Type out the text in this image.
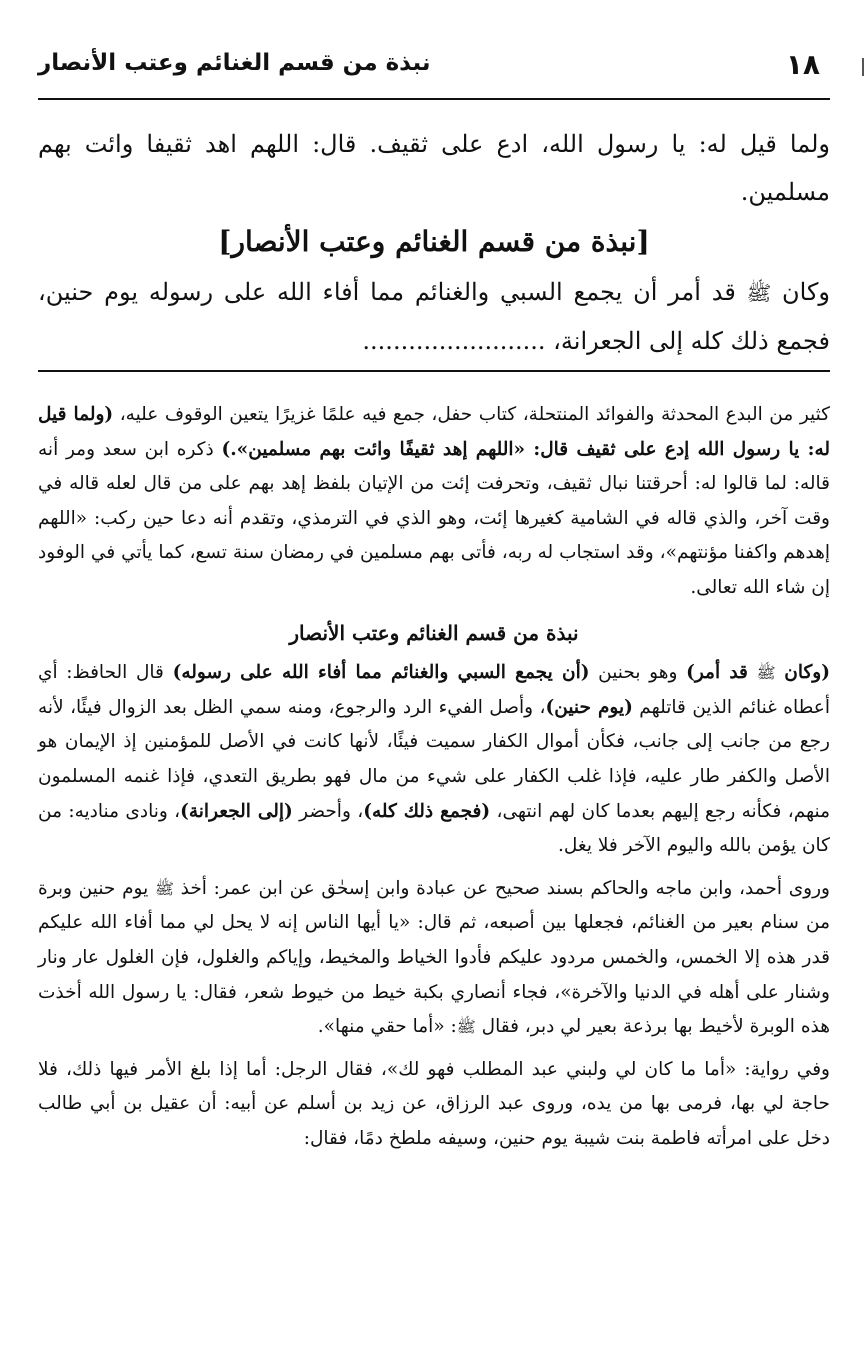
١٨
نبذة من قسم الغنائم وعتب الأنصار

ولما قيل له: يا رسول الله، ادع على ثقيف. قال: اللهم اهد ثقيفا وائت بهم مسلمين.

[نبذة من قسم الغنائم وعتب الأنصار]

وكان ﷺ قد أمر أن يجمع السبي والغنائم مما أفاء الله على رسوله يوم حنين، فجمع ذلك كله إلى الجعرانة، ........................

كثير من البدع المحدثة والفوائد المنتحلة، كتاب حفل، جمع فيه علمًا غزيرًا يتعين الوقوف عليه، (ولما قيل له: يا رسول الله إدع على ثقيف قال: «اللهم إهد ثقيفًا وائت بهم مسلمين».) ذكره ابن سعد ومر أنه قاله: لما قالوا له: أحرقتنا نبال ثقيف، وتحرفت إئت من الإتيان بلفظ إهد بهم على من قال لعله قاله في وقت آخر، والذي قاله في الشامية كغيرها إئت، وهو الذي في الترمذي، وتقدم أنه دعا حين ركب: «اللهم إهدهم واكفنا مؤنتهم»، وقد استجاب له ربه، فأتى بهم مسلمين في رمضان سنة تسع، كما يأتي في الوفود إن شاء الله تعالى.

نبذة من قسم الغنائم وعتب الأنصار

(وكان ﷺ قد أمر) وهو بحنين (أن يجمع السبي والغنائم مما أفاء الله على رسوله) قال الحافظ: أي أعطاه غنائم الذين قاتلهم (يوم حنين)، وأصل الفيء الرد والرجوع، ومنه سمي الظل بعد الزوال فيئًا، لأنه رجع من جانب إلى جانب، فكأن أموال الكفار سميت فيئًا، لأنها كانت في الأصل للمؤمنين إذ الإيمان هو الأصل والكفر طار عليه، فإذا غلب الكفار على شيء من مال فهو بطريق التعدي، فإذا غنمه المسلمون منهم، فكأنه رجع إليهم بعدما كان لهم انتهى، (فجمع ذلك كله)، وأحضر (إلى الجعرانة)، ونادى مناديه: من كان يؤمن بالله واليوم الآخر فلا يغل.

وروى أحمد، وابن ماجه والحاكم بسند صحيح عن عبادة وابن إسحٰق عن ابن عمر: أخذ ﷺ يوم حنين وبرة من سنام بعير من الغنائم، فجعلها بين أصبعه، ثم قال: «يا أيها الناس إنه لا يحل لي مما أفاء الله عليكم قدر هذه إلا الخمس، والخمس مردود عليكم فأدوا الخياط والمخيط، وإياكم والغلول، فإن الغلول عار ونار وشنار على أهله في الدنيا والآخرة»، فجاء أنصاري بكبة خيط من خيوط شعر، فقال: يا رسول الله أخذت هذه الوبرة لأخيط بها برذعة بعير لي دبر، فقال ﷺ: «أما حقي منها».

وفي رواية: «أما ما كان لي ولبني عبد المطلب فهو لك»، فقال الرجل: أما إذا بلغ الأمر فيها ذلك، فلا حاجة لي بها، فرمى بها من يده، وروى عبد الرزاق، عن زيد بن أسلم عن أبيه: أن عقيل بن أبي طالب دخل على امرأته فاطمة بنت شيبة يوم حنين، وسيفه ملطخ دمًا، فقال:
